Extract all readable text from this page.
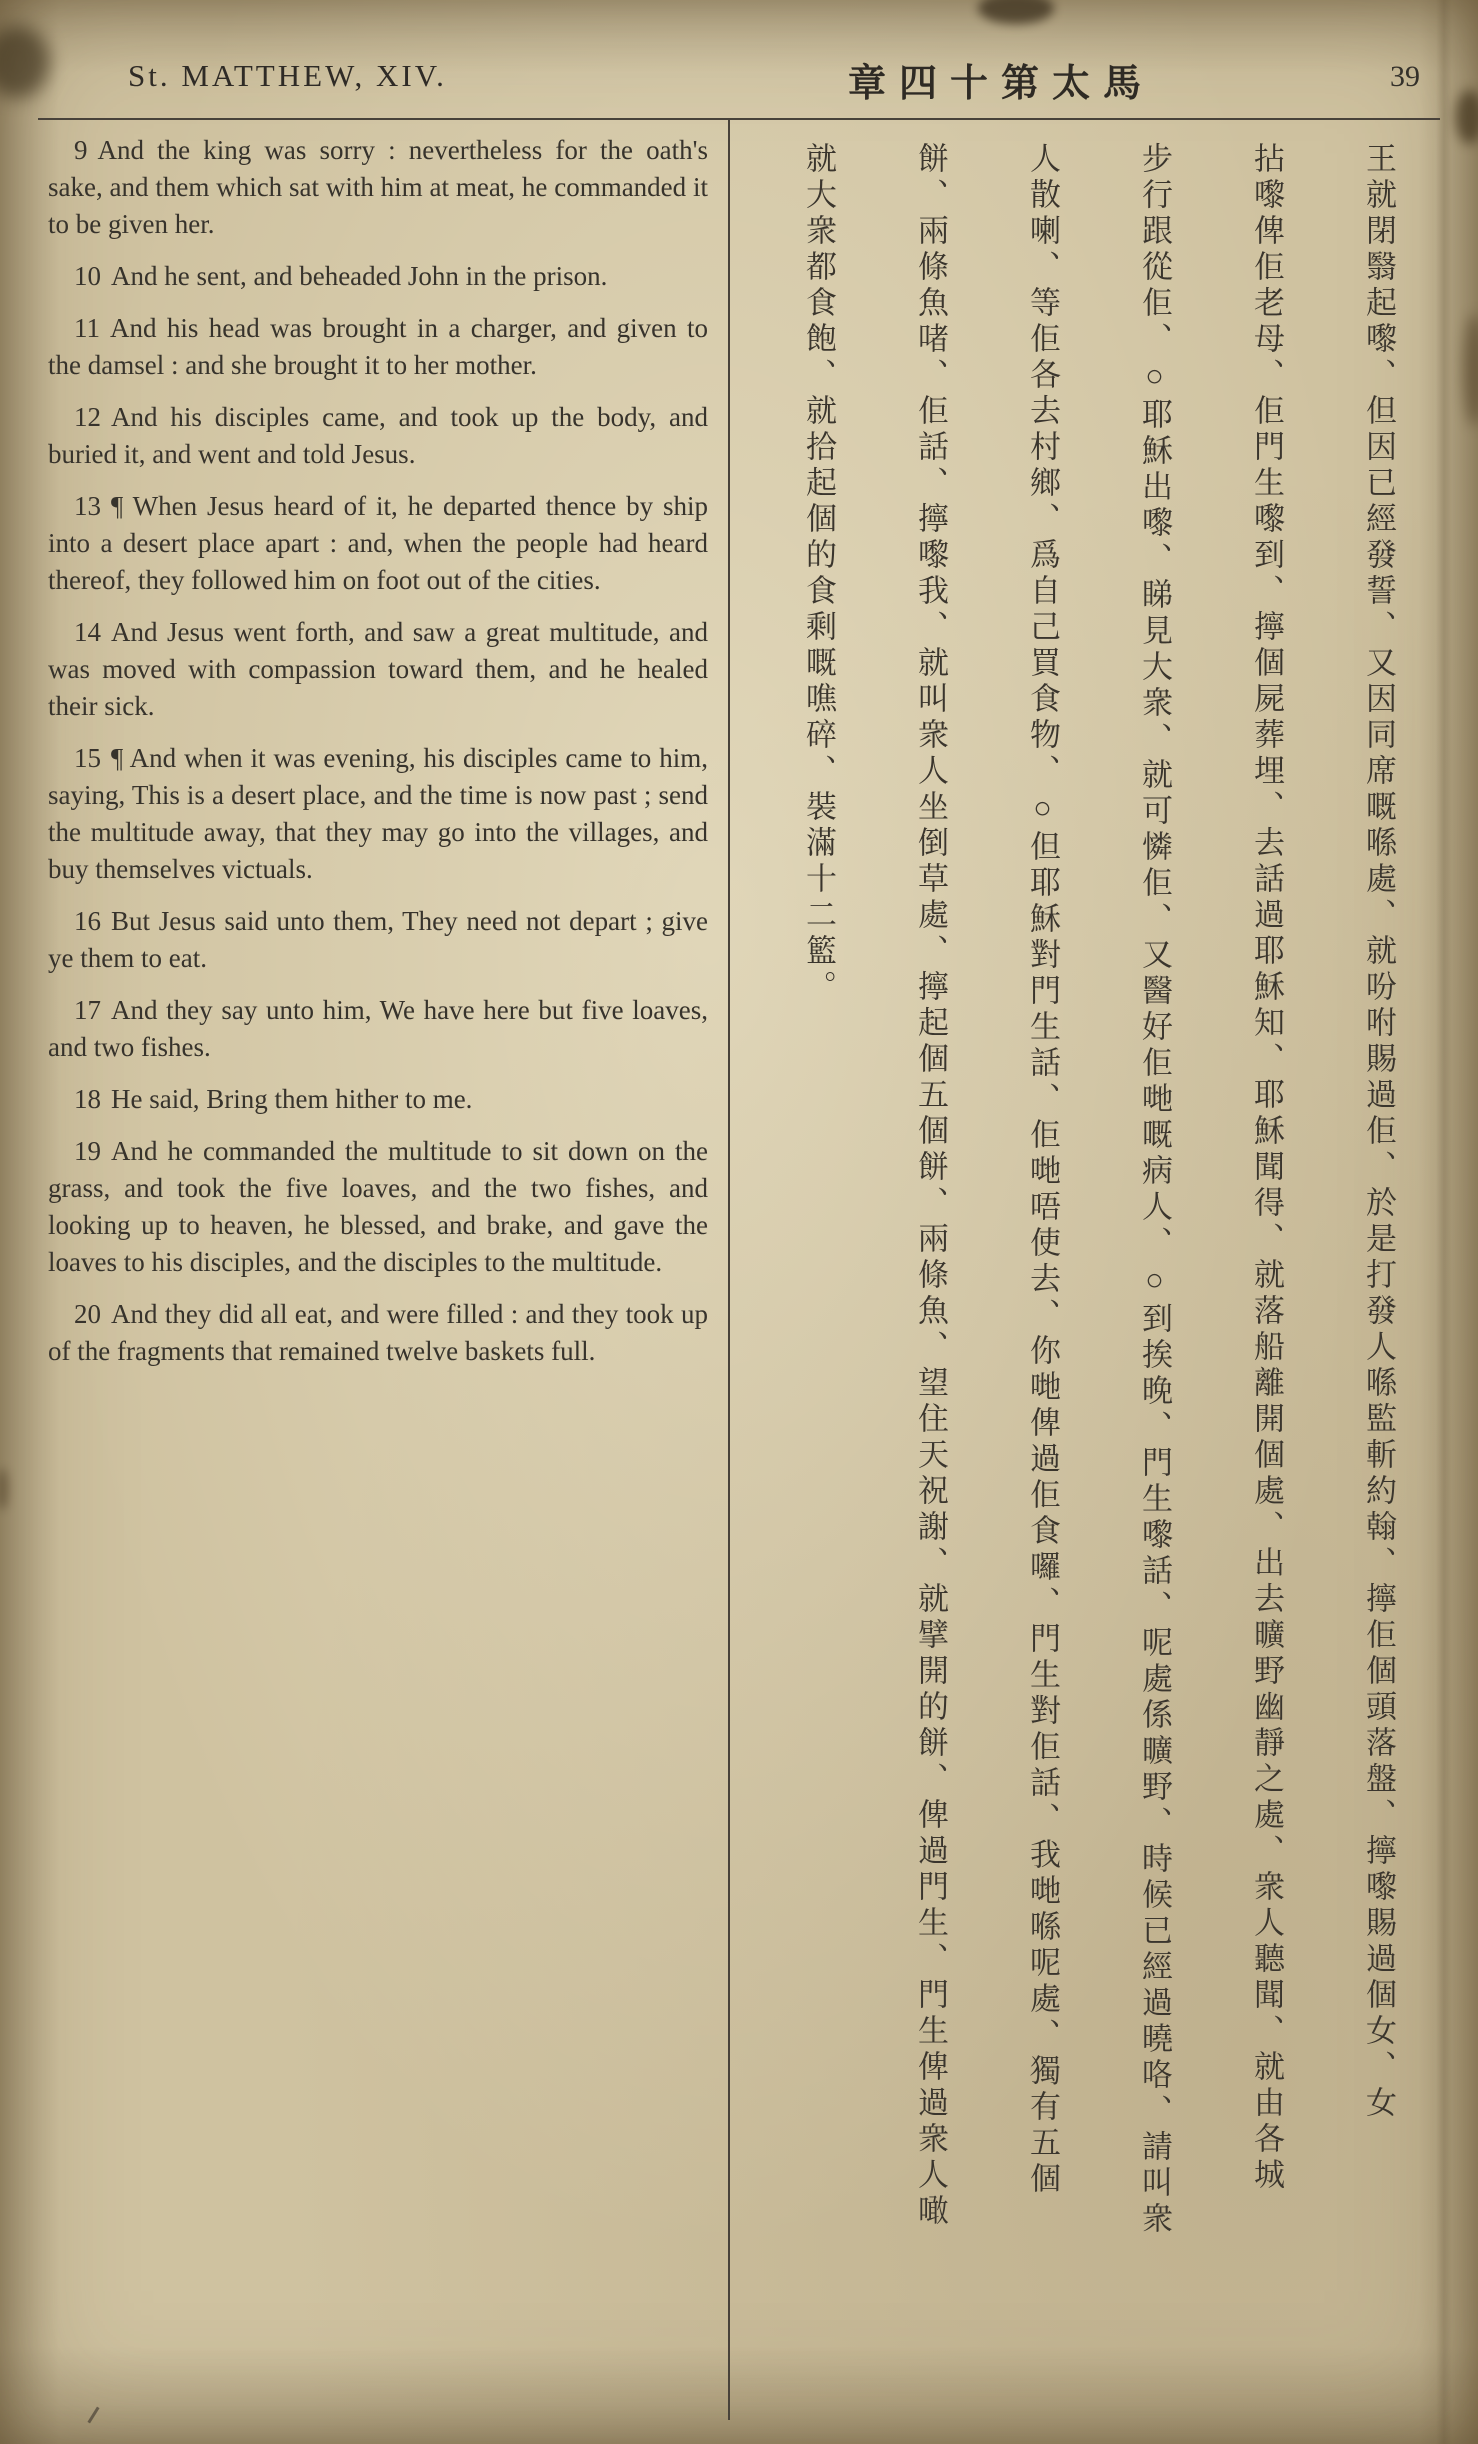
St. MATTHEW, XIV.	章四十第太馬	39

9 And the king was sorry : nevertheless for the oath's sake, and them which sat with him at meat, he commanded it to be given her.

10 And he sent, and beheaded John in the prison.

11 And his head was brought in a charger, and given to the damsel : and she brought it to her mother.

12 And his disciples came, and took up the body, and buried it, and went and told Jesus.

13 ¶ When Jesus heard of it, he departed thence by ship into a desert place apart : and, when the people had heard thereof, they followed him on foot out of the cities.

14 And Jesus went forth, and saw a great multitude, and was moved with compassion toward them, and he healed their sick.

15 ¶ And when it was evening, his disciples came to him, saying, This is a desert place, and the time is now past ; send the multitude away, that they may go into the villages, and buy themselves victuals.

16 But Jesus said unto them, They need not depart ; give ye them to eat.

17 And they say unto him, We have here but five loaves, and two fishes.

18 He said, Bring them hither to me.

19 And he commanded the multitude to sit down on the grass, and took the five loaves, and the two fishes, and looking up to heaven, he blessed, and brake, and gave the loaves to his disciples, and the disciples to the multitude.

20 And they did all eat, and were filled : and they took up of the fragments that remained twelve baskets full.	王就閉翳起嚟、但因已經發誓、又因同席嘅喺處、就吩咐賜過佢、於是打發人喺監斬約翰、擰佢個頭落盤、擰嚟賜過個女、女
拈嚟俾佢老母、佢門生嚟到、擰個屍葬埋、去話過耶穌知、耶穌聞得、就落船離開個處、出去曠野幽靜之處、衆人聽聞、就由各城
步行跟從佢、○耶穌出嚟、睇見大衆、就可憐佢、又醫好佢哋嘅病人、○到挨晚、門生嚟話、呢處係曠野、時候已經過曉咯、請叫衆
人散喇、等佢各去村鄉、爲自己買食物、○但耶穌對門生話、佢哋唔使去、你哋俾過佢食囉、門生對佢話、我哋喺呢處、獨有五個
餅、兩條魚啫、佢話、擰嚟我、就叫衆人坐倒草處、擰起個五個餅、兩條魚、望住天祝謝、就擘開的餅、俾過門生、門生俾過衆人噉
就大衆都食飽、就拾起個的食剩嘅噍碎、裝滿十二籃。
